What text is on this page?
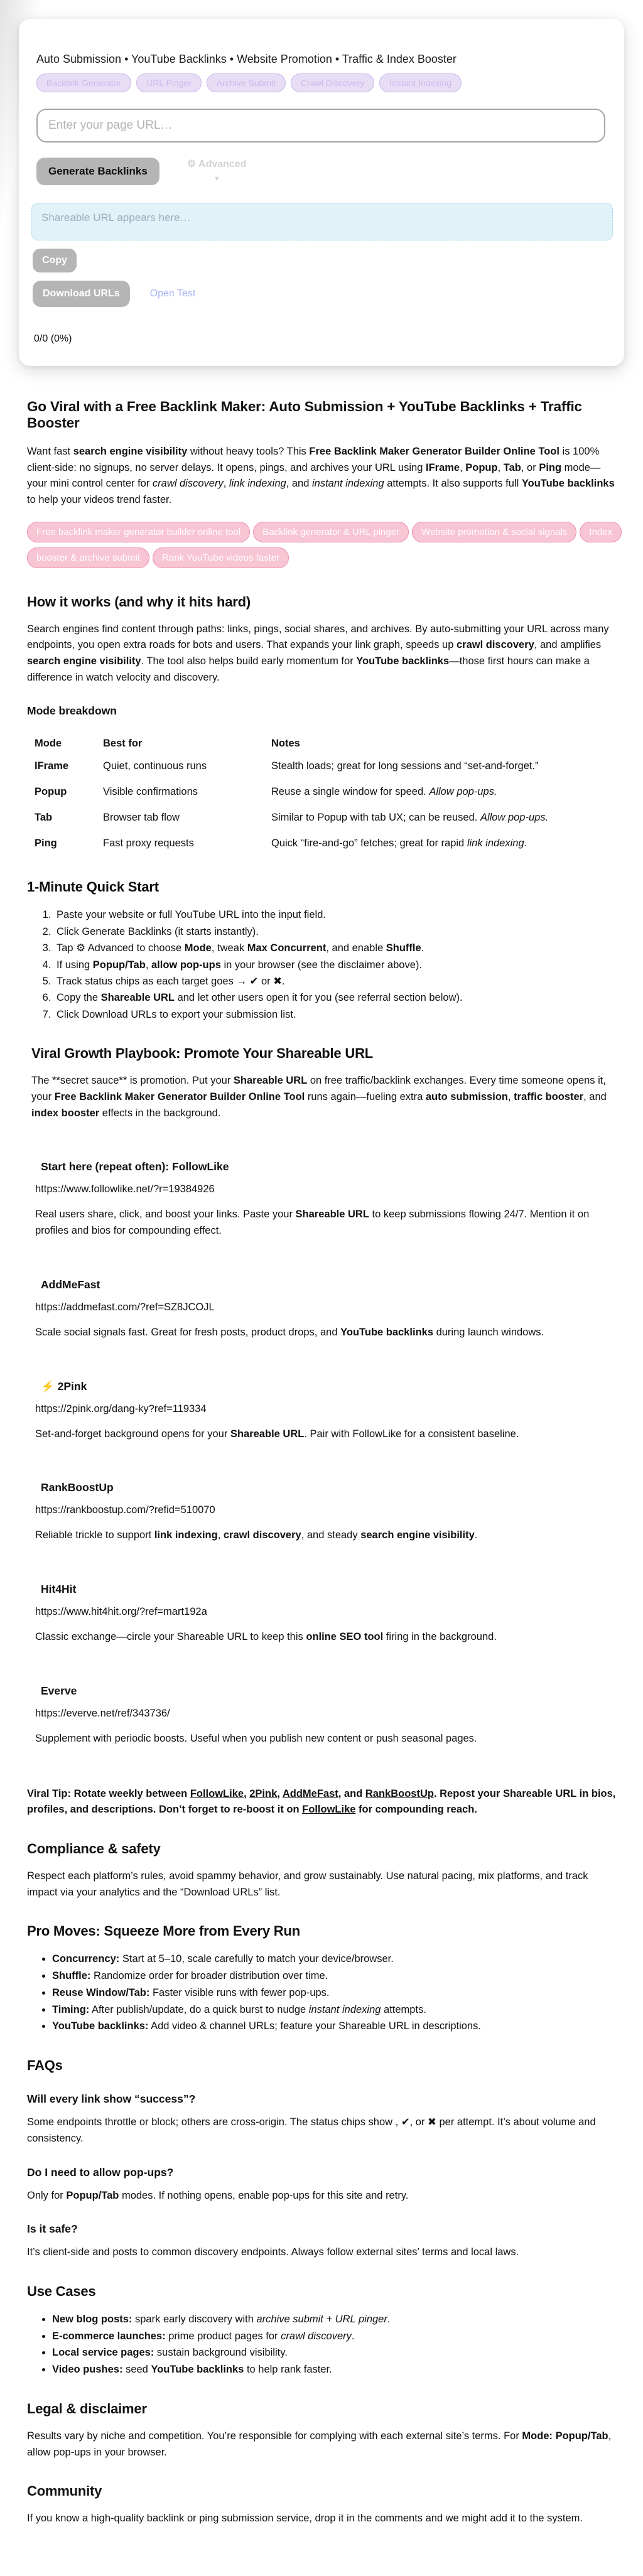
Auto Submission • YouTube Backlinks • Website Promotion • Traffic & Index Booster
Backlink Generator	URL Pinger	Archive Submit	Crawl Discovery	Instant Indexing
Enter your page URL…
Generate Backlinks
⚙ Advanced
▼
Shareable URL appears here…
Copy
Download URLs	Open Test
0/0 (0%)
Go Viral with a Free Backlink Maker: Auto Submission + YouTube Backlinks + Traffic Booster

Want fast search engine visibility without heavy tools? This Free Backlink Maker Generator Builder Online Tool is 100% client-side: no signups, no server delays. It opens, pings, and archives your URL using IFrame, Popup, Tab, or Ping mode—your mini control center for crawl discovery, link indexing, and instant indexing attempts. It also supports full YouTube backlinks to help your videos trend faster.

Free backlink maker generator builder online tool Backlink generator & URL pinger Website promotion & social signals Index booster & archive submit Rank YouTube videos faster
How it works (and why it hits hard)

Search engines find content through paths: links, pings, social shares, and archives. By auto-submitting your URL across many endpoints, you open extra roads for bots and users. That expands your link graph, speeds up crawl discovery, and amplifies search engine visibility. The tool also helps build early momentum for YouTube backlinks—those first hours can make a difference in watch velocity and discovery.

Mode breakdown
Mode	Best for	Notes
IFrame	Quiet, continuous runs	Stealth loads; great for long sessions and “set-and-forget.”
Popup	Visible confirmations	Reuse a single window for speed. Allow pop-ups.
Tab	Browser tab flow	Similar to Popup with tab UX; can be reused. Allow pop-ups.
Ping	Fast proxy requests	Quick “fire-and-go” fetches; great for rapid link indexing.
1-Minute Quick Start
1. Paste your website or full YouTube URL into the input field.
2. Click Generate Backlinks (it starts instantly).
3. Tap ⚙ Advanced to choose Mode, tweak Max Concurrent, and enable Shuffle.
4. If using Popup/Tab, allow pop-ups in your browser (see the disclaimer above).
5. Track status chips as each target goes → ✔ or ✖.
6. Copy the Shareable URL and let other users open it for you (see referral section below).
7. Click Download URLs to export your submission list.
Viral Growth Playbook: Promote Your Shareable URL

The **secret sauce** is promotion. Put your Shareable URL on free traffic/backlink exchanges. Every time someone opens it, your Free Backlink Maker Generator Builder Online Tool runs again—fueling extra auto submission, traffic booster, and index booster effects in the background.

Start here (repeat often): FollowLike
https://www.followlike.net/?r=19384926

Real users share, click, and boost your links. Paste your Shareable URL to keep submissions flowing 24/7. Mention it on profiles and bios for compounding effect.

AddMeFast
https://addmefast.com/?ref=SZ8JCOJL

Scale social signals fast. Great for fresh posts, product drops, and YouTube backlinks during launch windows.

⚡ 2Pink
https://2pink.org/dang-ky?ref=119334

Set-and-forget background opens for your Shareable URL. Pair with FollowLike for a consistent baseline.

RankBoostUp
https://rankboostup.com/?refid=510070

Reliable trickle to support link indexing, crawl discovery, and steady search engine visibility.

Hit4Hit
https://www.hit4hit.org/?ref=mart192a

Classic exchange—circle your Shareable URL to keep this online SEO tool firing in the background.

Everve
https://everve.net/ref/343736/

Supplement with periodic boosts. Useful when you publish new content or push seasonal pages.

Viral Tip: Rotate weekly between FollowLike, 2Pink, AddMeFast, and RankBoostUp. Repost your Shareable URL in bios, profiles, and descriptions. Don’t forget to re-boost it on FollowLike for compounding reach.

Compliance & safety

Respect each platform’s rules, avoid spammy behavior, and grow sustainably. Use natural pacing, mix platforms, and track impact via your analytics and the “Download URLs” list.

Pro Moves: Squeeze More from Every Run
• Concurrency: Start at 5–10, scale carefully to match your device/browser.
• Shuffle: Randomize order for broader distribution over time.
• Reuse Window/Tab: Faster visible runs with fewer pop-ups.
• Timing: After publish/update, do a quick burst to nudge instant indexing attempts.
• YouTube backlinks: Add video & channel URLs; feature your Shareable URL in descriptions.
FAQs
Will every link show “success”?

Some endpoints throttle or block; others are cross-origin. The status chips show , ✔, or ✖ per attempt. It’s about volume and consistency.

Do I need to allow pop-ups?

Only for Popup/Tab modes. If nothing opens, enable pop-ups for this site and retry.

Is it safe?

It’s client-side and posts to common discovery endpoints. Always follow external sites’ terms and local laws.

Use Cases
• New blog posts: spark early discovery with archive submit + URL pinger.
• E-commerce launches: prime product pages for crawl discovery.
• Local service pages: sustain background visibility.
• Video pushes: seed YouTube backlinks to help rank faster.
Legal & disclaimer

Results vary by niche and competition. You’re responsible for complying with each external site’s terms. For Mode: Popup/Tab, allow pop-ups in your browser.

Community

If you know a high-quality backlink or ping submission service, drop it in the comments and we might add it to the system.
